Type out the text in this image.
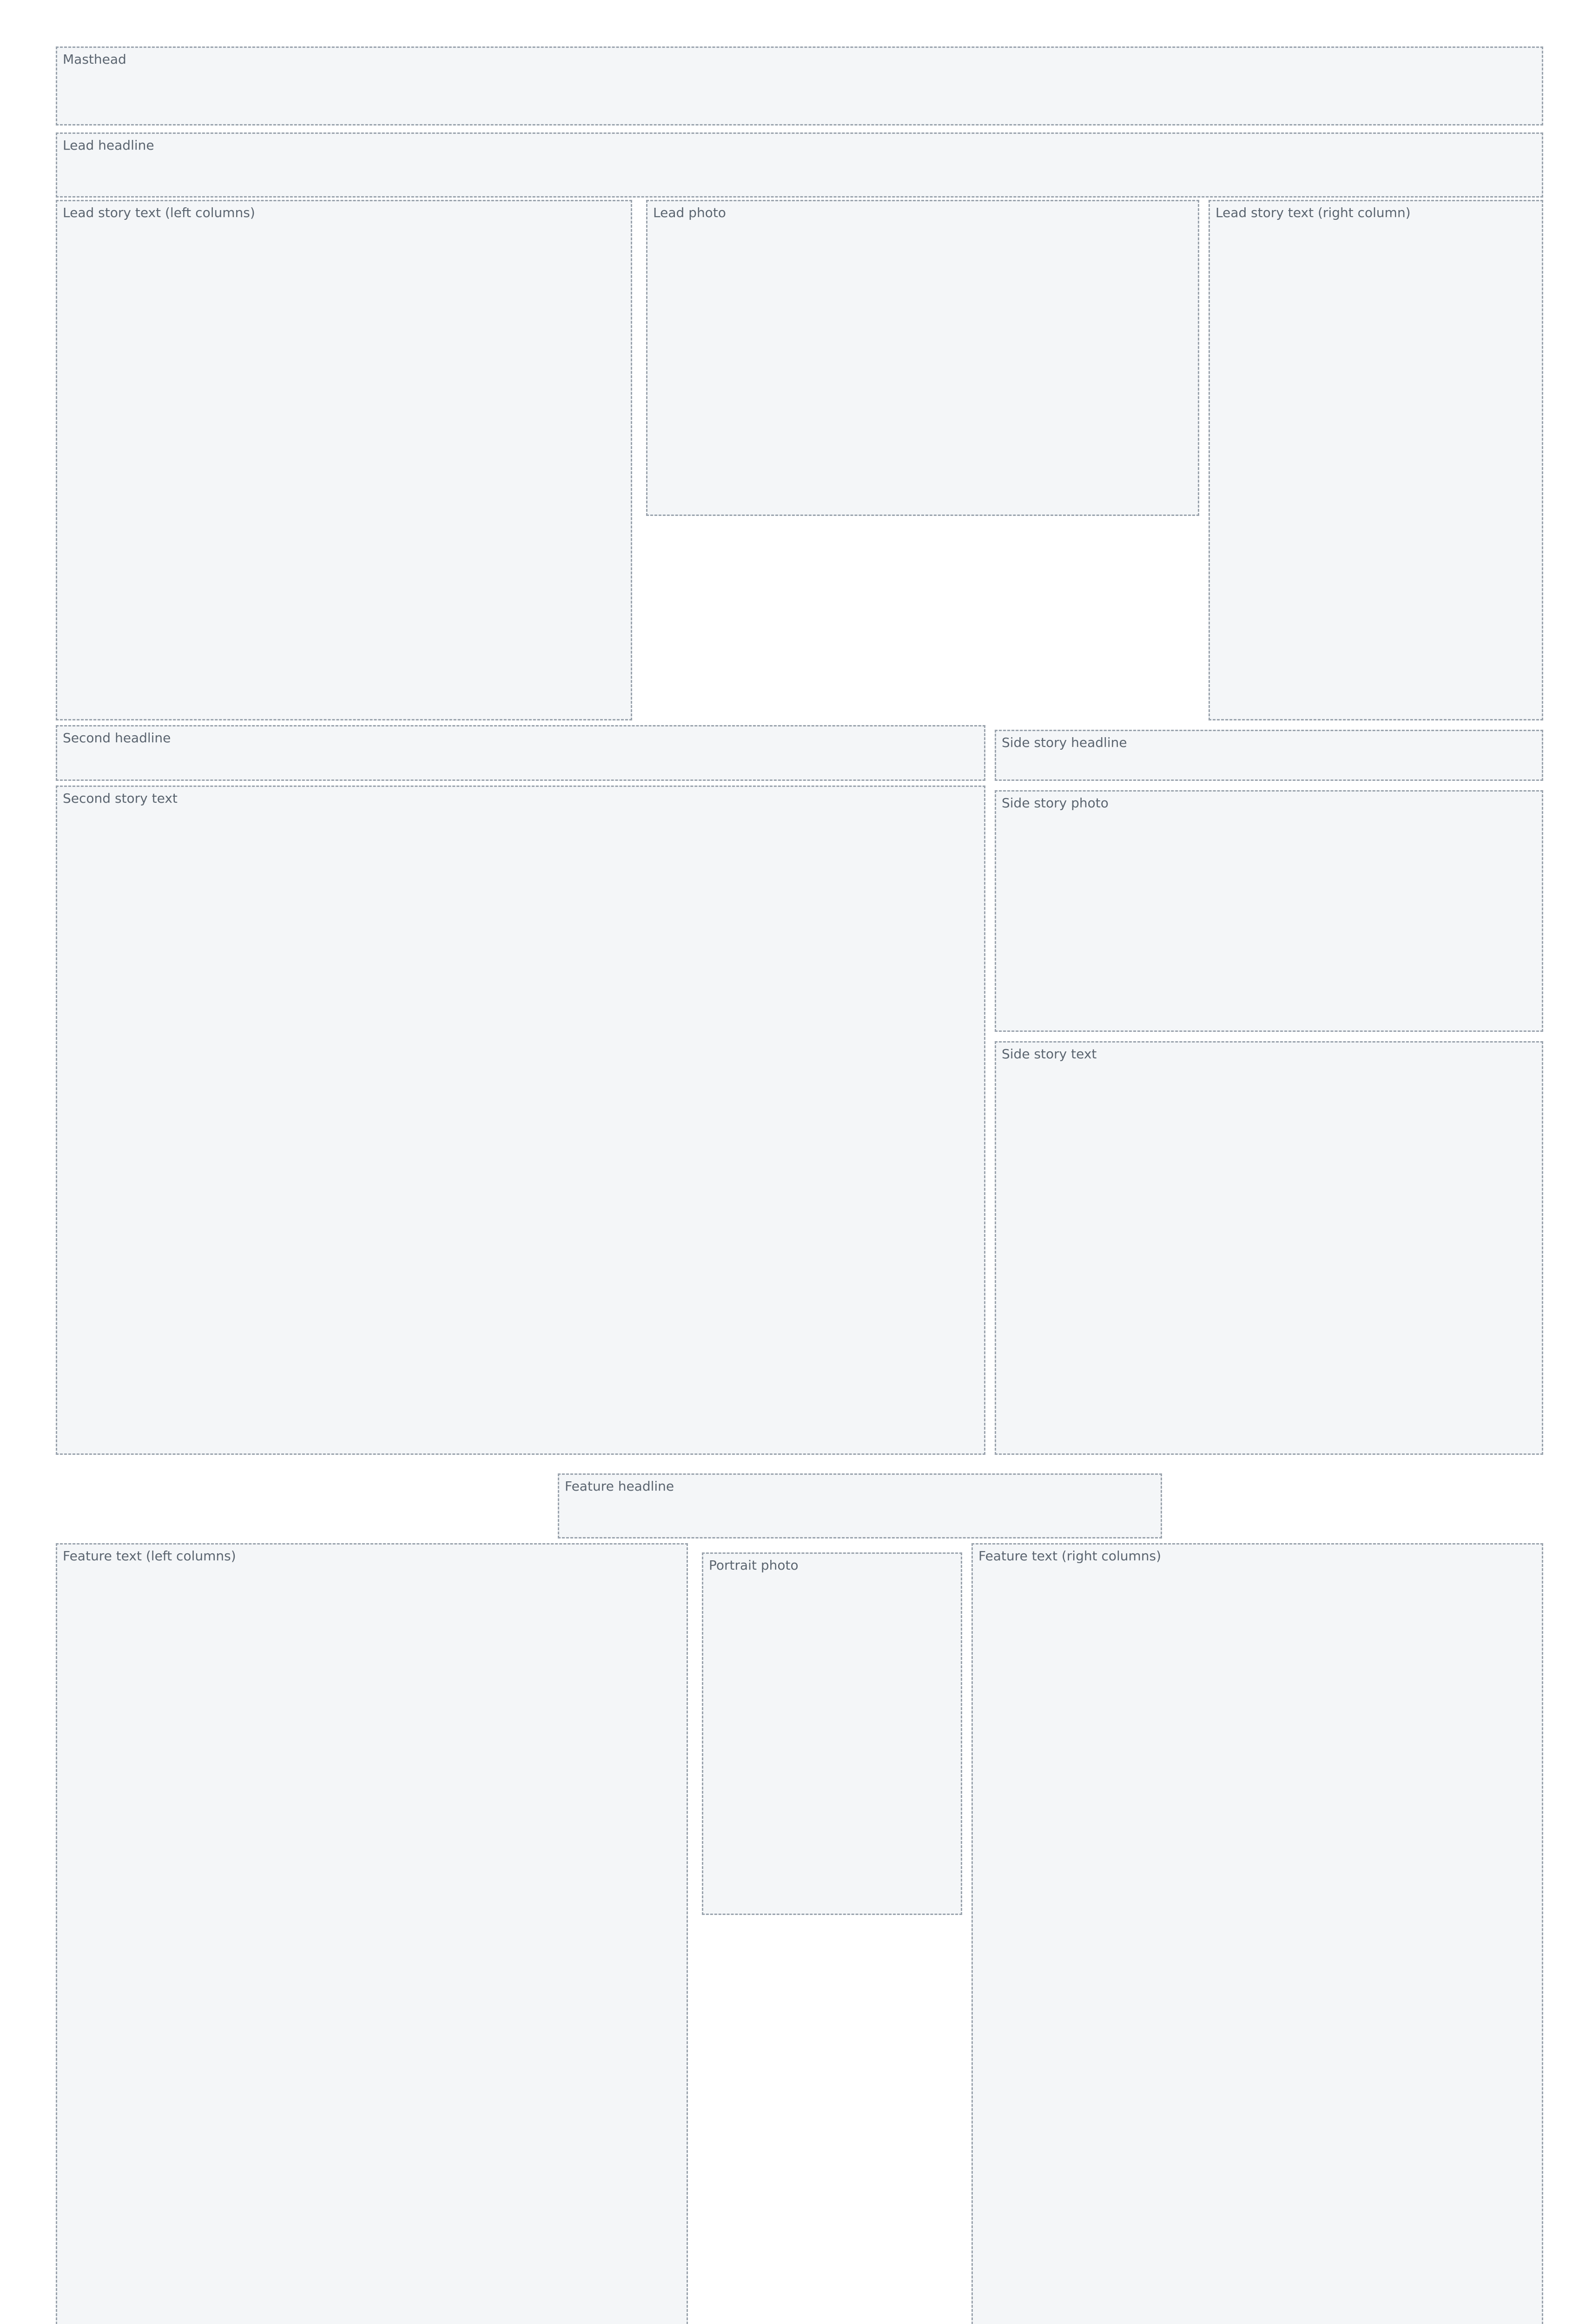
Masthead
Lead headline
Lead story text (left columns)	Lead photo	Lead story text (right column)
Second headline
Second story text
Side story headline
Side story photo
Side story text
Feature headline
Feature text (left columns)
Portrait photo
Feature text (right columns)
